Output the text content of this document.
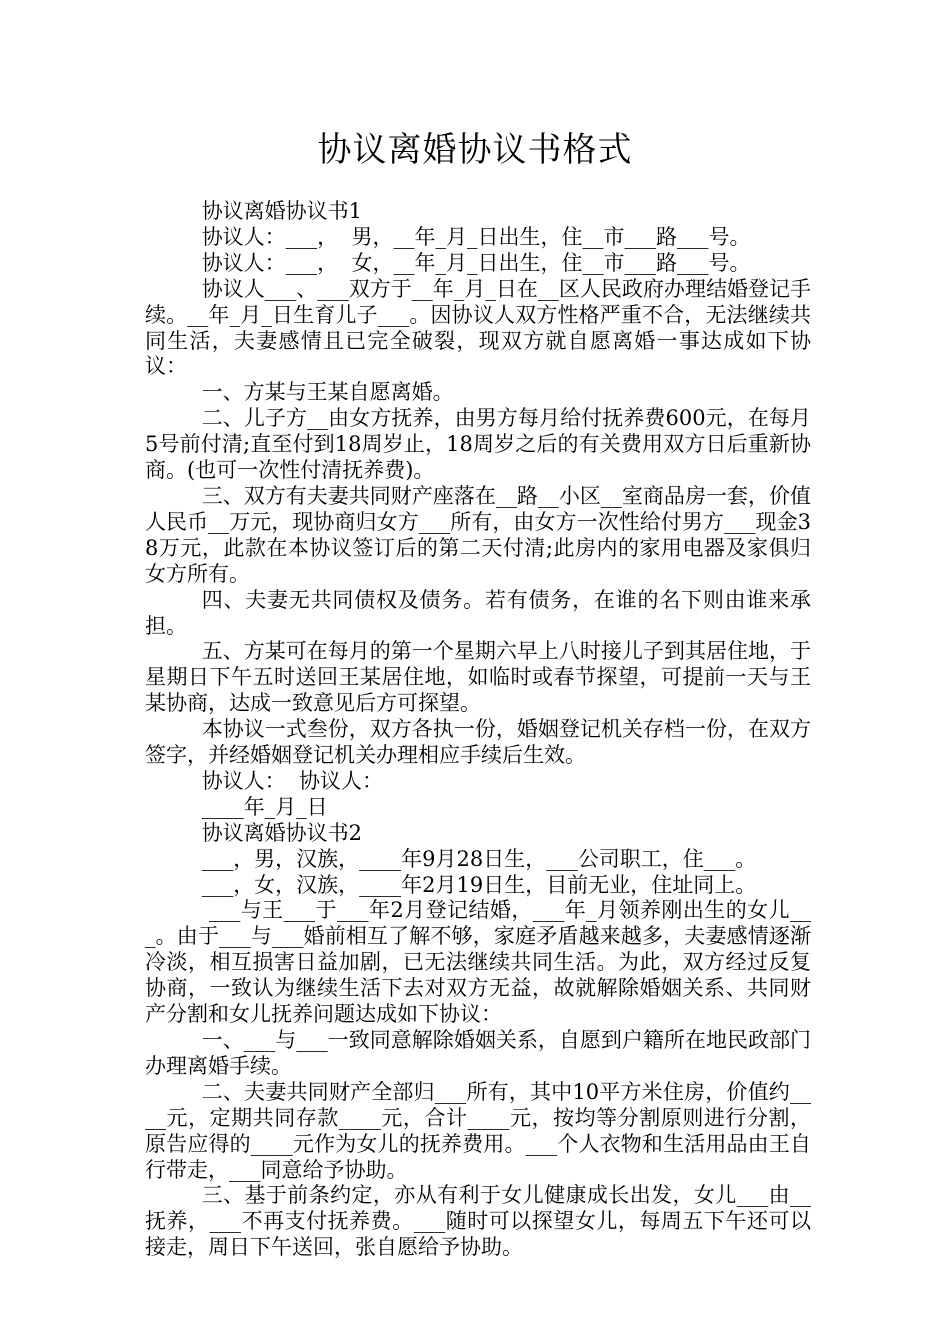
协议离婚协议书格式

协议离婚协议书1

协议人：___，  男，__年_月_日出生，住__市___路___号。

协议人：___，  女，__年_月_日出生，住__市___路___号。

协议人___、___双方于__年_月_日在__区人民政府办理结婚登记手续。__年_月_日生育儿子___。因协议人双方性格严重不合，无法继续共同生活，夫妻感情且已完全破裂，现双方就自愿离婚一事达成如下协议：

一、方某与王某自愿离婚。

二、儿子方__由女方抚养，由男方每月给付抚养费600元，在每月5号前付清;直至付到18周岁止，18周岁之后的有关费用双方日后重新协商。(也可一次性付清抚养费)。

三、双方有夫妻共同财产座落在__路__小区__室商品房一套，价值人民币__万元，现协商归女方___所有，由女方一次性给付男方___现金38万元，此款在本协议签订后的第二天付清;此房内的家用电器及家俱归女方所有。

四、夫妻无共同债权及债务。若有债务，在谁的名下则由谁来承担。

五、方某可在每月的第一个星期六早上八时接儿子到其居住地，于星期日下午五时送回王某居住地，如临时或春节探望，可提前一天与王某协商，达成一致意见后方可探望。

本协议一式叁份，双方各执一份，婚姻登记机关存档一份，在双方签字，并经婚姻登记机关办理相应手续后生效。

协议人：  协议人：

____年_月_日

协议离婚协议书2

___，男，汉族，____年9月28日生，___公司职工，住___。

___，女，汉族，____年2月19日生，目前无业，住址同上。

___与王___于___年2月登记结婚，___年_月领养刚出生的女儿___。由于___与___婚前相互了解不够，家庭矛盾越来越多，夫妻感情逐渐冷淡，相互损害日益加剧，已无法继续共同生活。为此，双方经过反复协商，一致认为继续生活下去对双方无益，故就解除婚姻关系、共同财产分割和女儿抚养问题达成如下协议：

一、___与___一致同意解除婚姻关系，自愿到户籍所在地民政部门办理离婚手续。

二、夫妻共同财产全部归___所有，其中10平方米住房，价值约____元，定期共同存款____元，合计____元，按均等分割原则进行分割，原告应得的____元作为女儿的抚养费用。___个人衣物和生活用品由王自行带走，___同意给予协助。

三、基于前条约定，亦从有利于女儿健康成长出发，女儿___由__抚养，___不再支付抚养费。___随时可以探望女儿，每周五下午还可以接走，周日下午送回，张自愿给予协助。
